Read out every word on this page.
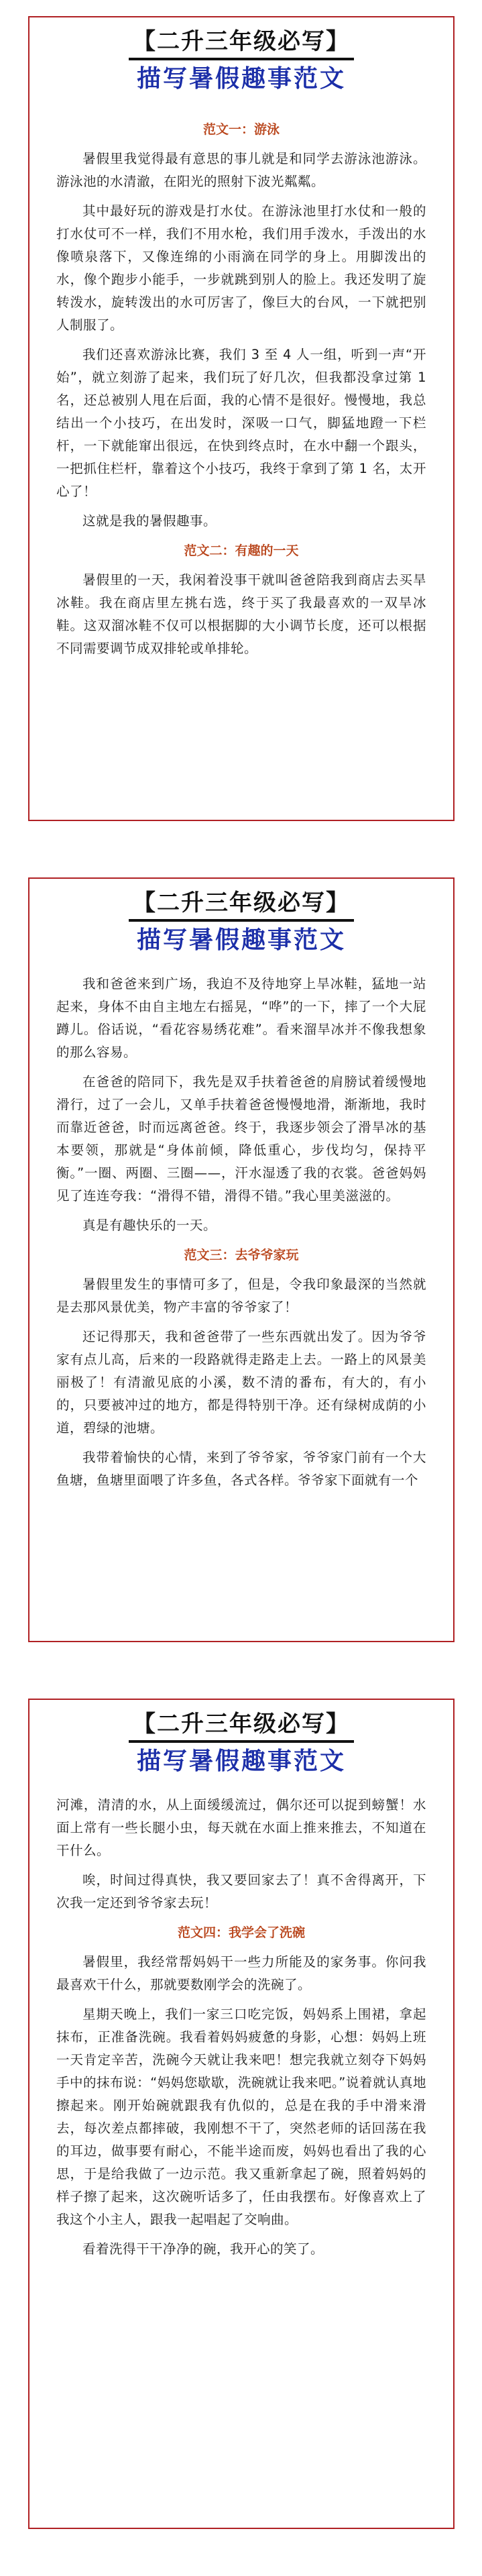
【二升三年级必写】
描写暑假趣事范文
范文一：游泳

暑假里我觉得最有意思的事儿就是和同学去游泳池游泳。游泳池的水清澈，在阳光的照射下波光粼粼。

其中最好玩的游戏是打水仗。在游泳池里打水仗和一般的打水仗可不一样，我们不用水枪，我们用手泼水，手泼出的水像喷泉落下，又像连绵的小雨滴在同学的身上。用脚泼出的水，像个跑步小能手，一步就跳到别人的脸上。我还发明了旋转泼水，旋转泼出的水可厉害了，像巨大的台风，一下就把别人制服了。

我们还喜欢游泳比赛，我们 3 至 4 人一组，听到一声“开始”，就立刻游了起来，我们玩了好几次，但我都没拿过第 1 名，还总被别人甩在后面，我的心情不是很好。慢慢地，我总结出一个小技巧，在出发时，深吸一口气，脚猛地蹬一下栏杆，一下就能窜出很远，在快到终点时，在水中翻一个跟头，一把抓住栏杆，靠着这个小技巧，我终于拿到了第 1 名，太开心了！

这就是我的暑假趣事。

范文二：有趣的一天

暑假里的一天，我闲着没事干就叫爸爸陪我到商店去买旱冰鞋。我在商店里左挑右选，终于买了我最喜欢的一双旱冰鞋。这双溜冰鞋不仅可以根据脚的大小调节长度，还可以根据不同需要调节成双排轮或单排轮。

【二升三年级必写】
描写暑假趣事范文

我和爸爸来到广场，我迫不及待地穿上旱冰鞋，猛地一站起来，身体不由自主地左右摇晃，“哗”的一下，摔了一个大屁蹲儿。俗话说，“看花容易绣花难”。看来溜旱冰并不像我想象的那么容易。

在爸爸的陪同下，我先是双手扶着爸爸的肩膀试着缓慢地滑行，过了一会儿，又单手扶着爸爸慢慢地滑，渐渐地，我时而靠近爸爸，时而远离爸爸。终于，我逐步领会了滑旱冰的基本要领，那就是“身体前倾，降低重心，步伐均匀，保持平衡。”一圈、两圈、三圈——，汗水湿透了我的衣裳。爸爸妈妈见了连连夸我：“滑得不错，滑得不错。”我心里美滋滋的。

真是有趣快乐的一天。

范文三：去爷爷家玩

暑假里发生的事情可多了，但是，令我印象最深的当然就是去那风景优美，物产丰富的爷爷家了！

还记得那天，我和爸爸带了一些东西就出发了。因为爷爷家有点儿高，后来的一段路就得走路走上去。一路上的风景美丽极了！有清澈见底的小溪，数不清的番布，有大的，有小的，只要被冲过的地方，都是得特别干净。还有绿树成荫的小道，碧绿的池塘。

我带着愉快的心情，来到了爷爷家，爷爷家门前有一个大鱼塘，鱼塘里面喂了许多鱼，各式各样。爷爷家下面就有一个

【二升三年级必写】
描写暑假趣事范文

河滩，清清的水，从上面缓缓流过，偶尔还可以捉到螃蟹！水面上常有一些长腿小虫，每天就在水面上推来推去，不知道在干什么。

唉，时间过得真快，我又要回家去了！真不舍得离开，下次我一定还到爷爷家去玩！

范文四：我学会了洗碗

暑假里，我经常帮妈妈干一些力所能及的家务事。你问我最喜欢干什么，那就要数刚学会的洗碗了。

星期天晚上，我们一家三口吃完饭，妈妈系上围裙，拿起抹布，正准备洗碗。我看着妈妈疲惫的身影，心想：妈妈上班一天肯定辛苦，洗碗今天就让我来吧！想完我就立刻夺下妈妈手中的抹布说：“妈妈您歇歇，洗碗就让我来吧。”说着就认真地擦起来。刚开始碗就跟我有仇似的，总是在我的手中滑来滑去，每次差点都摔破，我刚想不干了，突然老师的话回荡在我的耳边，做事要有耐心，不能半途而废，妈妈也看出了我的心思，于是给我做了一边示范。我又重新拿起了碗，照着妈妈的样子擦了起来，这次碗听话多了，任由我摆布。好像喜欢上了我这个小主人，跟我一起唱起了交响曲。

看着洗得干干净净的碗，我开心的笑了。
